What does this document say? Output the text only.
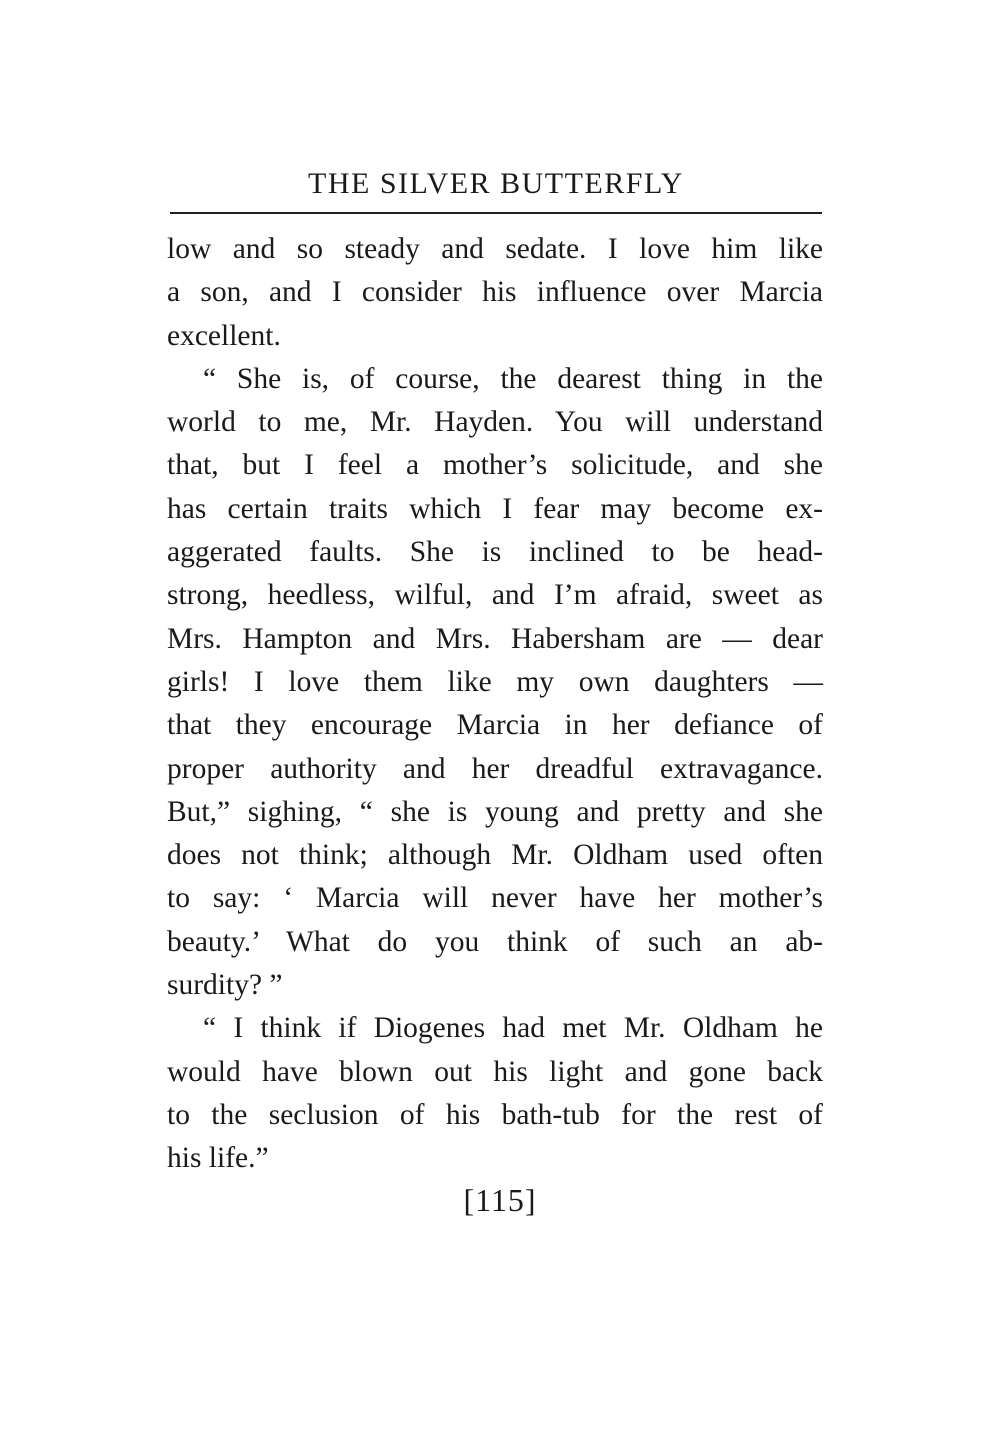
THE SILVER BUTTERFLY
low and so steady and sedate. I love him like
a son, and I consider his influence over Marcia
excellent.
“ She is, of course, the dearest thing in the
world to me, Mr. Hayden. You will understand
that, but I feel a mother’s solicitude, and she
has certain traits which I fear may become ex-
aggerated faults. She is inclined to be head-
strong, heedless, wilful, and I’m afraid, sweet as
Mrs. Hampton and Mrs. Habersham are — dear
girls! I love them like my own daughters —
that they encourage Marcia in her defiance of
proper authority and her dreadful extravagance.
But,” sighing, “ she is young and pretty and she
does not think; although Mr. Oldham used often
to say: ‘ Marcia will never have her mother’s
beauty.’ What do you think of such an ab-
surdity? ”
“ I think if Diogenes had met Mr. Oldham he
would have blown out his light and gone back
to the seclusion of his bath-tub for the rest of
his life.”
[115]
